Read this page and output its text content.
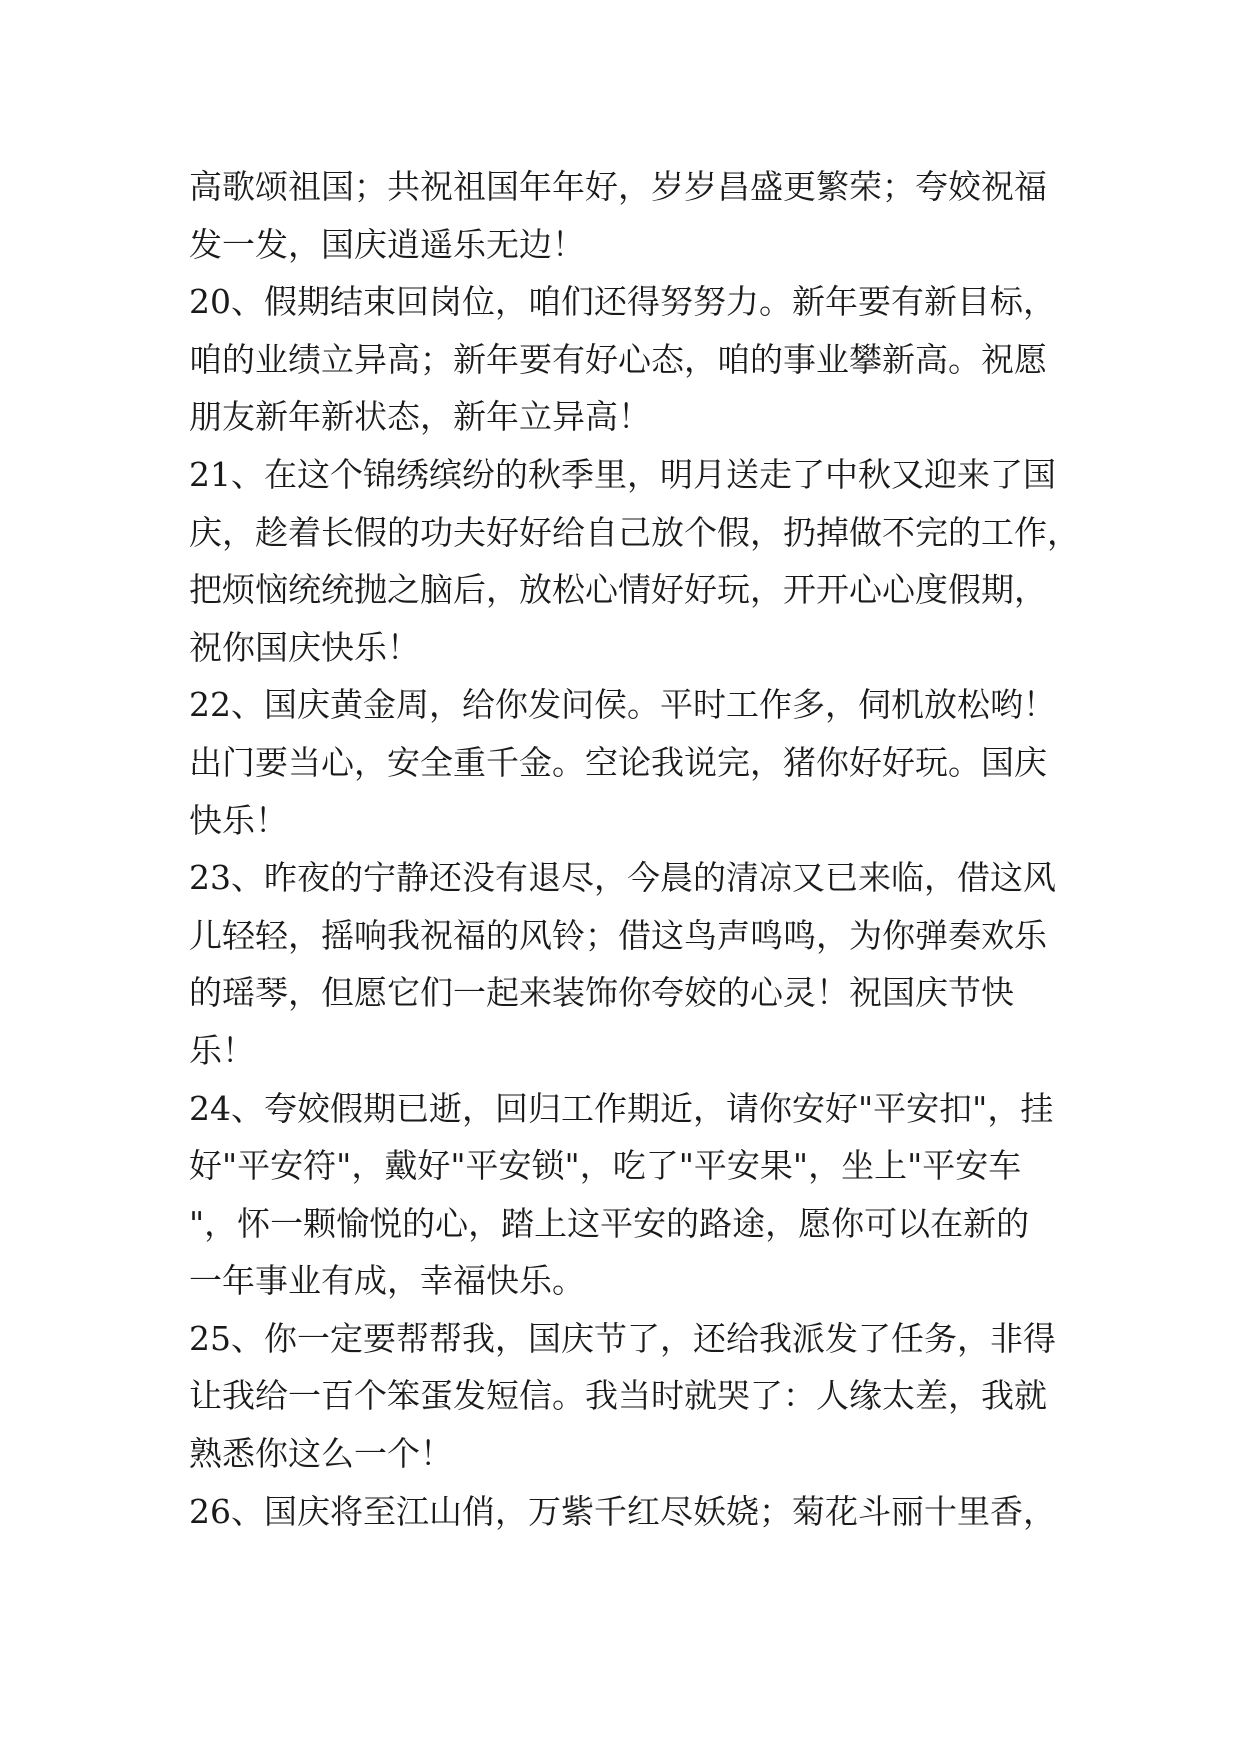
高歌颂祖国；共祝祖国年年好，岁岁昌盛更繁荣；夸姣祝福
发一发，国庆逍遥乐无边！
20、假期结束回岗位，咱们还得努努力。新年要有新目标，
咱的业绩立异高；新年要有好心态，咱的事业攀新高。祝愿
朋友新年新状态，新年立异高！
21、在这个锦绣缤纷的秋季里，明月送走了中秋又迎来了国
庆，趁着长假的功夫好好给自己放个假，扔掉做不完的工作，
把烦恼统统抛之脑后，放松心情好好玩，开开心心度假期，
祝你国庆快乐！
22、国庆黄金周，给你发问侯。平时工作多，伺机放松哟！
出门要当心，安全重千金。空论我说完，猪你好好玩。国庆
快乐！
23、昨夜的宁静还没有退尽，今晨的清凉又已来临，借这风
儿轻轻，摇响我祝福的风铃；借这鸟声鸣鸣，为你弹奏欢乐
的瑶琴，但愿它们一起来装饰你夸姣的心灵！祝国庆节快
乐！
24、夸姣假期已逝，回归工作期近，请你安好"平安扣"，挂
好"平安符"，戴好"平安锁"，吃了"平安果"，坐上"平安车
"，怀一颗愉悦的心，踏上这平安的路途，愿你可以在新的
一年事业有成，幸福快乐。
25、你一定要帮帮我，国庆节了，还给我派发了任务，非得
让我给一百个笨蛋发短信。我当时就哭了：人缘太差，我就
熟悉你这么一个！
26、国庆将至江山俏，万紫千红尽妖娆；菊花斗丽十里香，
